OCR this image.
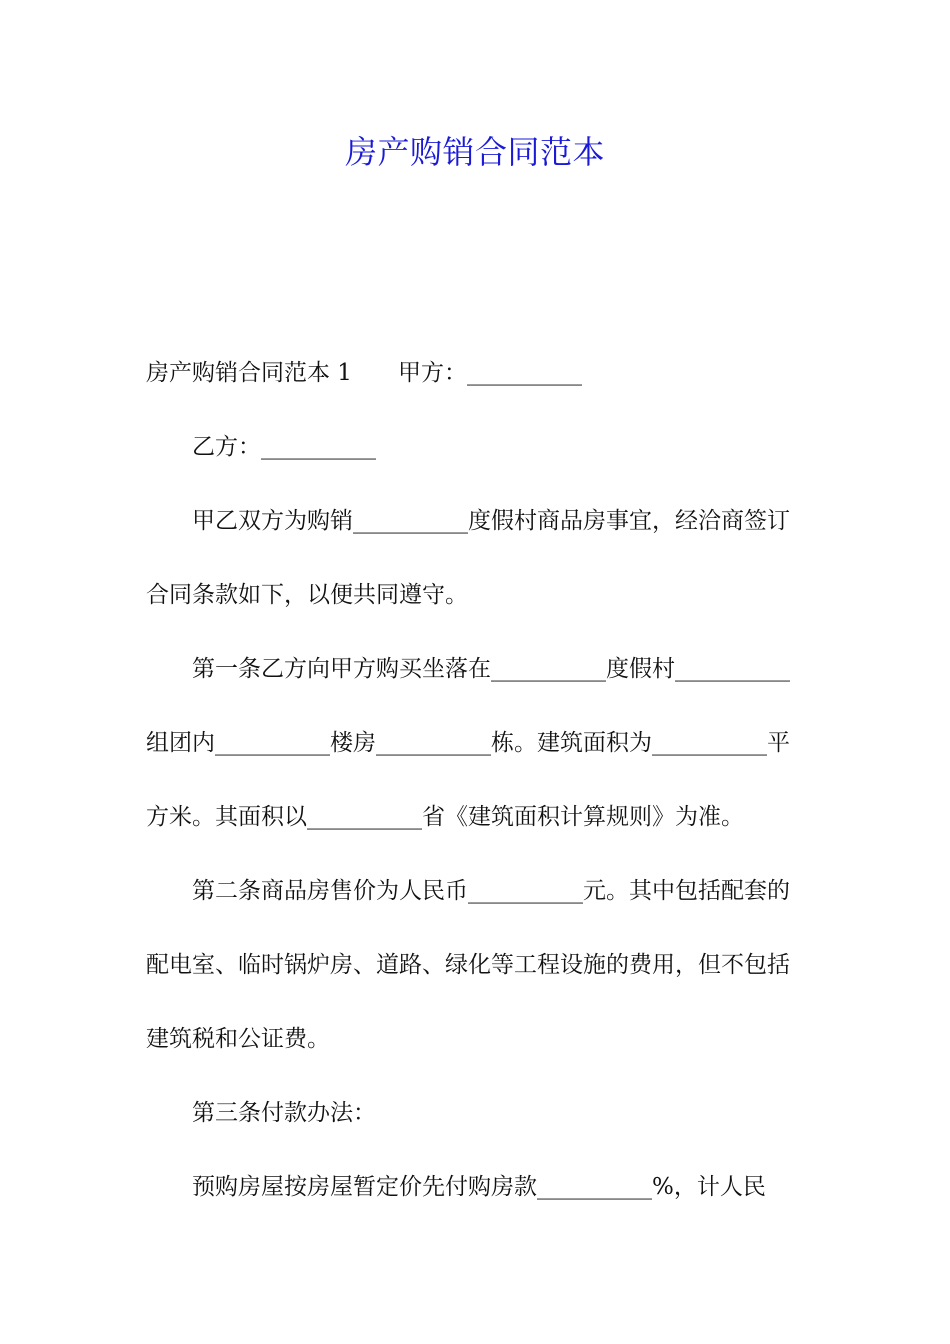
房产购销合同范本

房产购销合同范本 1 甲方：__________

乙方：__________

甲乙双方为购销__________度假村商品房事宜，经洽商签订合同条款如下，以便共同遵守。

第一条乙方向甲方购买坐落在__________度假村__________组团内__________楼房__________栋。建筑面积为__________平方米。其面积以__________省《建筑面积计算规则》为准。

第二条商品房售价为人民币__________元。其中包括配套的配电室、临时锅炉房、道路、绿化等工程设施的费用，但不包括建筑税和公证费。

第三条付款办法：

预购房屋按房屋暂定价先付购房款__________%，计人民
